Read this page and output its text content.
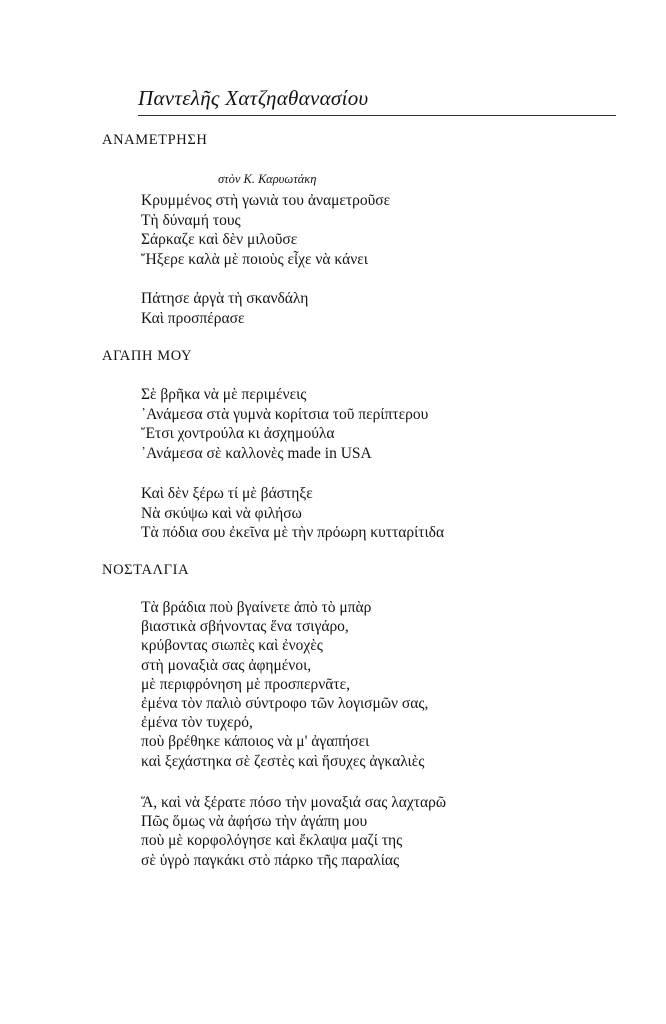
Παντελῆς Χατζηαθανασίου
ΑΝΑΜΕΤΡΗΣΗ
στὸν Κ. Καρυωτάκη
Κρυμμένος στὴ γωνιὰ του ἀναμετροῦσε
Τὴ δύναμή τους
Σάρκαζε καὶ δὲν μιλοῦσε
Ἤξερε καλὰ μὲ ποιοὺς εἶχε νὰ κάνει
Πάτησε ἀργὰ τὴ σκανδάλη
Καὶ προσπέρασε
ΑΓΑΠΗ ΜΟΥ
Σὲ βρῆκα νὰ μὲ περιμένεις
᾽Ανάμεσα στὰ γυμνὰ κορίτσια τοῦ περίπτερου
Ἔτσι χοντρούλα κι ἀσχημούλα
᾽Ανάμεσα σὲ καλλονὲς made in USA
Καὶ δὲν ξέρω τί μὲ βάστηξε
Νὰ σκύψω καὶ νὰ φιλήσω
Τὰ πόδια σου ἐκεῖνα μὲ τὴν πρόωρη κυτταρίτιδα
ΝΟΣΤΑΛΓΙΑ
Τὰ βράδια ποὺ βγαίνετε ἀπὸ τὸ μπὰρ
βιαστικὰ σβήνοντας ἕνα τσιγάρο,
κρύβοντας σιωπὲς καὶ ἐνοχὲς
στὴ μοναξιὰ σας ἀφημένοι,
μὲ περιφρόνηση μὲ προσπερνᾶτε,
ἐμένα τὸν παλιὸ σύντροφο τῶν λογισμῶν σας,
ἐμένα τὸν τυχερό,
ποὺ βρέθηκε κάποιος νὰ μ' ἀγαπήσει
καὶ ξεχάστηκα σὲ ζεστὲς καὶ ἥσυχες ἀγκαλιὲς
Ἅ, καὶ νὰ ξέρατε πόσο τὴν μοναξιά σας λαχταρῶ
Πῶς ὅμως νὰ ἀφήσω τὴν ἀγάπη μου
ποὺ μὲ κορφολόγησε καὶ ἔκλαψα μαζί της
σὲ ὑγρὸ παγκάκι στὸ πάρκο τῆς παραλίας
